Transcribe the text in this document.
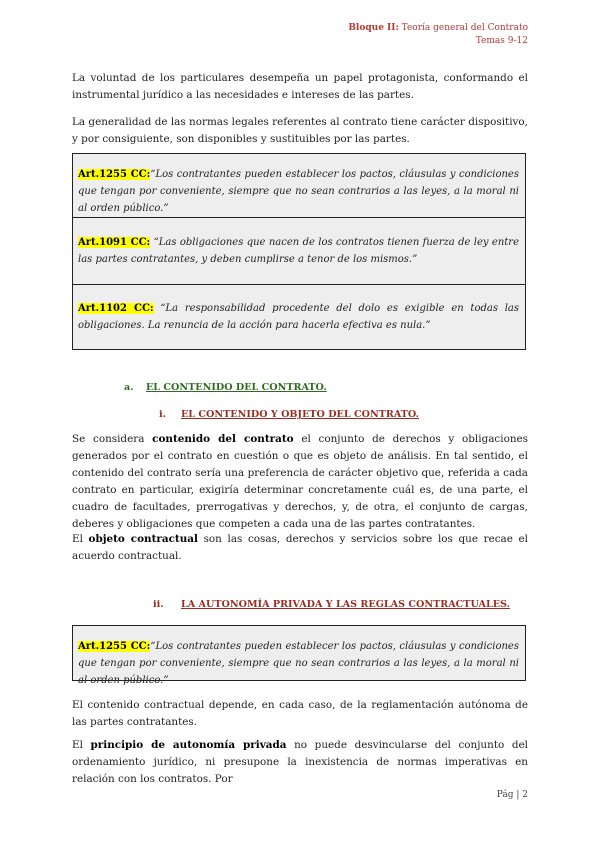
Bloque II: Teoría general del Contrato
Temas 9-12

La voluntad de los particulares desempeña un papel protagonista, conformando el instrumental jurídico a las necesidades e intereses de las partes.

La generalidad de las normas legales referentes al contrato tiene carácter dispositivo, y por consiguiente, son disponibles y sustituibles por las partes.

Art.1255 CC:“Los contratantes pueden establecer los pactos, cláusulas y condiciones que tengan por conveniente, siempre que no sean contrarios a las leyes, a la moral ni al orden público.”
Art.1091 CC: “Las obligaciones que nacen de los contratos tienen fuerza de ley entre las partes contratantes, y deben cumplirse a tenor de los mismos.”
Art.1102 CC: “La responsabilidad procedente del dolo es exigible en todas las obligaciones. La renuncia de la acción para hacerla efectiva es nula.”
a. EL CONTENIDO DEL CONTRATO.
i. EL CONTENIDO Y OBJETO DEL CONTRATO.

Se considera contenido del contrato el conjunto de derechos y obligaciones generados por el contrato en cuestión o que es objeto de análisis. En tal sentido, el contenido del contrato sería una preferencia de carácter objetivo que, referida a cada contrato en particular, exigiría determinar concretamente cuál es, de una parte, el cuadro de facultades, prerrogativas y derechos, y, de otra, el conjunto de cargas, deberes y obligaciones que competen a cada una de las partes contratantes.

El objeto contractual son las cosas, derechos y servicios sobre los que recae el acuerdo contractual.

ii. LA AUTONOMÍA PRIVADA Y LAS REGLAS CONTRACTUALES.
Art.1255 CC:“Los contratantes pueden establecer los pactos, cláusulas y condiciones que tengan por conveniente, siempre que no sean contrarios a las leyes, a la moral ni al orden público.”

El contenido contractual depende, en cada caso, de la reglamentación autónoma de las partes contratantes.

El principio de autonomía privada no puede desvincularse del conjunto del ordenamiento jurídico, ni presupone la inexistencia de normas imperativas en relación con los contratos. Por

Pág | 2
